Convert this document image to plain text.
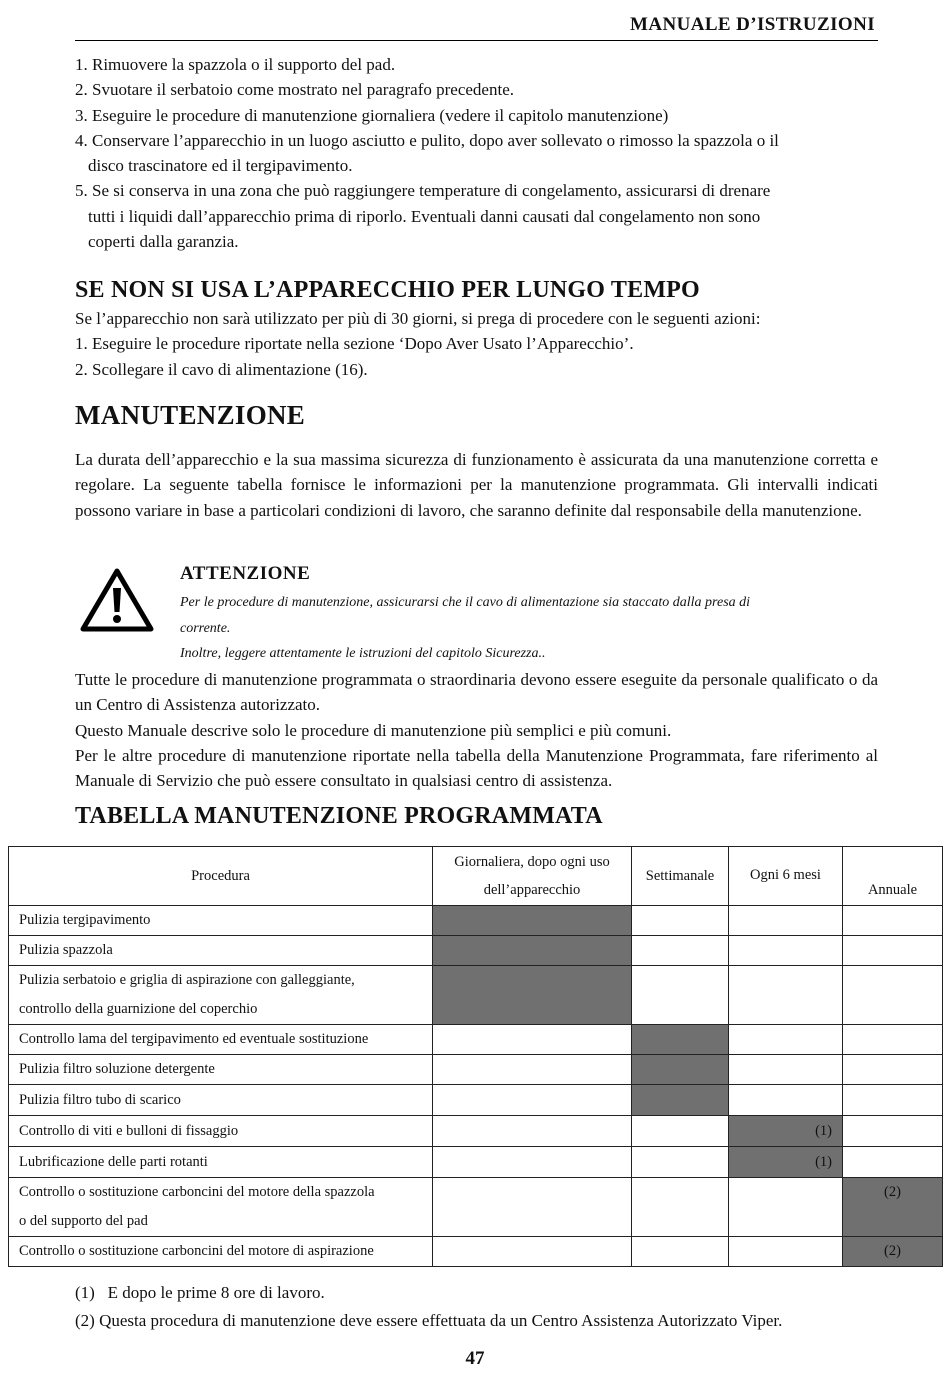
MANUALE D’ISTRUZIONI

1. Rimuovere la spazzola o il supporto del pad.

2. Svuotare il serbatoio come mostrato nel paragrafo precedente.

3. Eseguire le procedure di manutenzione giornaliera (vedere il capitolo manutenzione)

4. Conservare l’apparecchio in un luogo asciutto e pulito, dopo aver sollevato o rimosso la spazzola o il

disco trascinatore ed il tergipavimento.

5. Se si conserva in una zona che può raggiungere temperature di congelamento, assicurarsi di drenare

tutti i liquidi dall’apparecchio prima di riporlo. Eventuali danni causati dal congelamento non sono

coperti dalla garanzia.

SE NON SI USA L’APPARECCHIO PER LUNGO TEMPO

Se l’apparecchio non sarà utilizzato per più di 30 giorni, si prega di procedere con le seguenti azioni:

1. Eseguire le procedure riportate nella sezione ‘Dopo Aver Usato l’Apparecchio’.

2. Scollegare il cavo di alimentazione (16).

MANUTENZIONE

La durata dell’apparecchio e la sua massima sicurezza di funzionamento è assicurata da una manutenzione corretta e regolare. La seguente tabella fornisce le informazioni per la manutenzione programmata. Gli intervalli indicati possono variare in base a particolari condizioni di lavoro, che saranno definite dal responsabile della manutenzione.

ATTENZIONE

Per le procedure di manutenzione, assicurarsi che il cavo di alimentazione sia staccato dalla presa di

corrente.

Inoltre, leggere attentamente le istruzioni del capitolo Sicurezza..

Tutte le procedure di manutenzione programmata o straordinaria devono essere eseguite da personale qualificato o da un Centro di Assistenza autorizzato.

Questo Manuale descrive solo le procedure di manutenzione più semplici e più comuni.

Per le altre procedure di manutenzione riportate nella tabella della Manutenzione Programmata, fare riferimento al Manuale di Servizio che può essere consultato in qualsiasi centro di assistenza.

TABELLA MANUTENZIONE PROGRAMMATA
Procedura	Giornaliera, dopo ogni uso
dell’apparecchio	Settimanale	Ogni 6 mesi	Annuale
Pulizia tergipavimento				
Pulizia spazzola				
Pulizia serbatoio e griglia di aspirazione con galleggiante,
controllo della guarnizione del coperchio				
Controllo lama del tergipavimento ed eventuale sostituzione				
Pulizia filtro soluzione detergente				
Pulizia filtro tubo di scarico				
Controllo di viti e bulloni di fissaggio			(1)	
Lubrificazione delle parti rotanti			(1)	
Controllo o sostituzione carboncini del motore della spazzola
o del supporto del pad				(2)
Controllo o sostituzione carboncini del motore di aspirazione				(2)

(1)   E dopo le prime 8 ore di lavoro.

(2) Questa procedura di manutenzione deve essere effettuata da un Centro Assistenza Autorizzato Viper.

47
